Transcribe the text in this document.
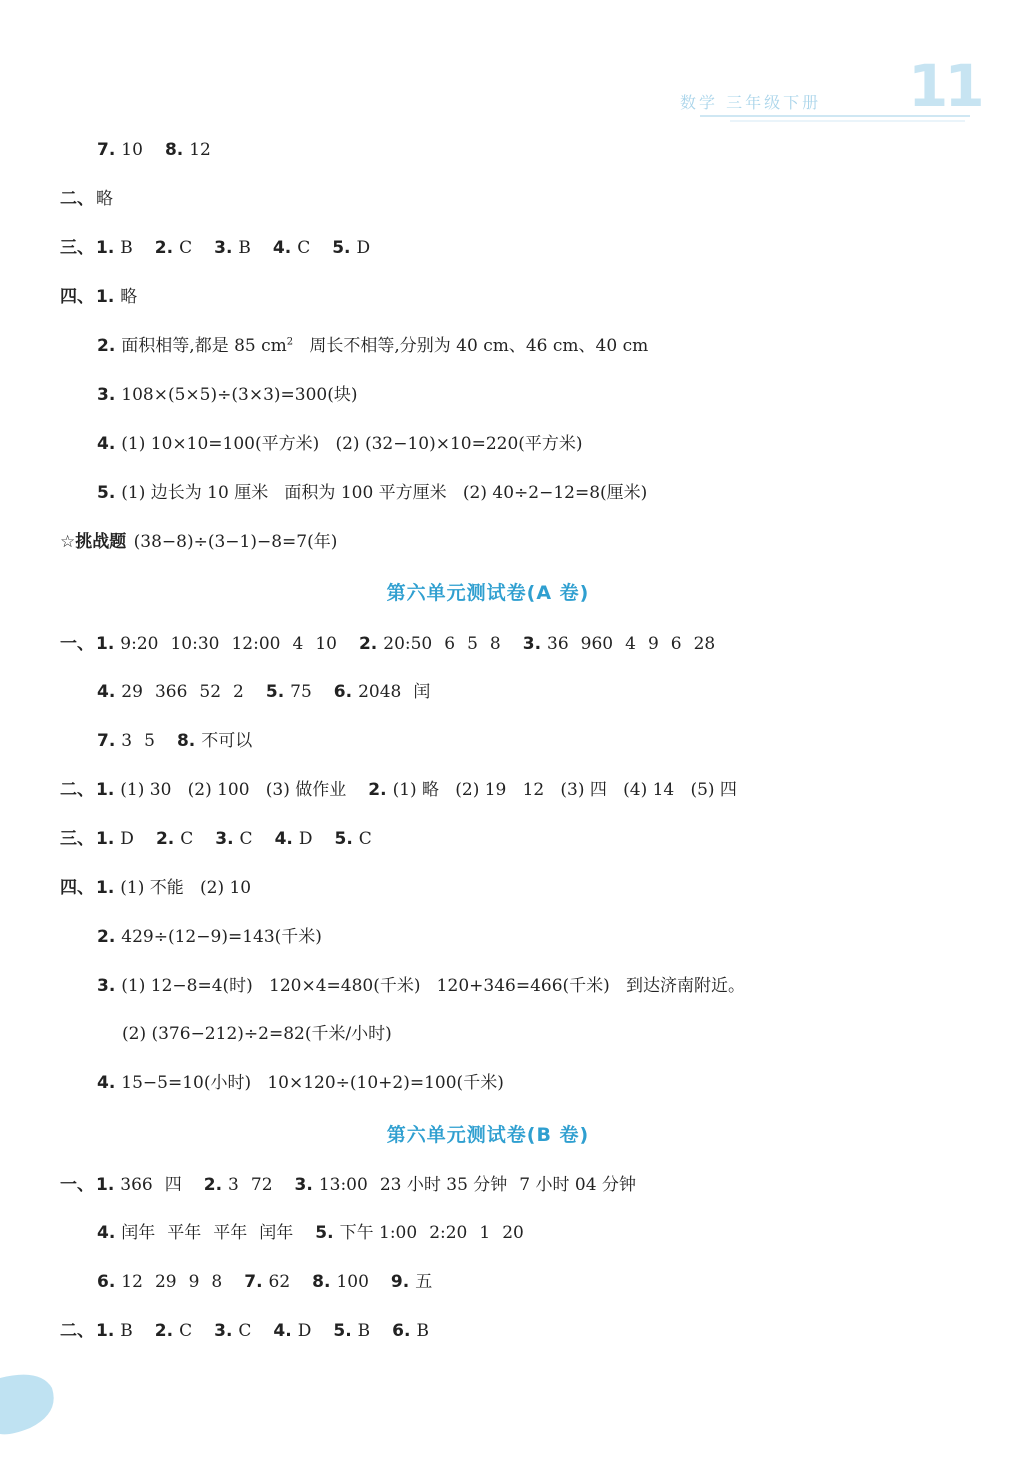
数学 三年级下册 11
7. 10 8. 12
二、 略
三、 1. B 2. C 3. B 4. C 5. D
四、 1. 略
2. 面积相等,都是 85 $cm^2$   周长不相等,分别为 40 cm、46 cm、40 cm
3. 108×(5×5)÷(3×3)=300(块)
4. (1) 10×10=100(平方米)   (2) (32−10)×10=220(平方米)
5. (1) 边长为 10 厘米   面积为 100 平方厘米   (2) 40÷2−12=8(厘米)
☆挑战题 (38−8)÷(3−1)−8=7(年)
一、 1. 9:20 10:30 12:00 4 10 2. 20:50 6 5 8 3. 36 960 4 9 6 28
4. 29 366 52 2 5. 75 6. 2048 闰
7. 3 5 8. 不可以
二、 1. (1) 30   (2) 100   (3) 做作业 2. (1) 略   (2) 19   12   (3) 四   (4) 14   (5) 四
三、 1. D 2. C 3. C 4. D 5. C
四、 1. (1) 不能   (2) 10
2. 429÷(12−9)=143(千米)
3. (1) 12−8=4(时)   120×4=480(千米)   120+346=466(千米)   到达济南附近。
(2) (376−212)÷2=82(千米/小时)
4. 15−5=10(小时)   10×120÷(10+2)=100(千米)
一、 1. 366 四 2. 3 72 3. 13:00 23 小时 35 分钟 7 小时 04 分钟
4. 闰年 平年 平年 闰年 5. 下午 1:00 2:20 1 20
6. 12 29 9 8 7. 62 8. 100 9. 五
二、 1. B 2. C 3. C 4. D 5. B 6. B
第六单元测试卷(A 卷)
第六单元测试卷(B 卷)
